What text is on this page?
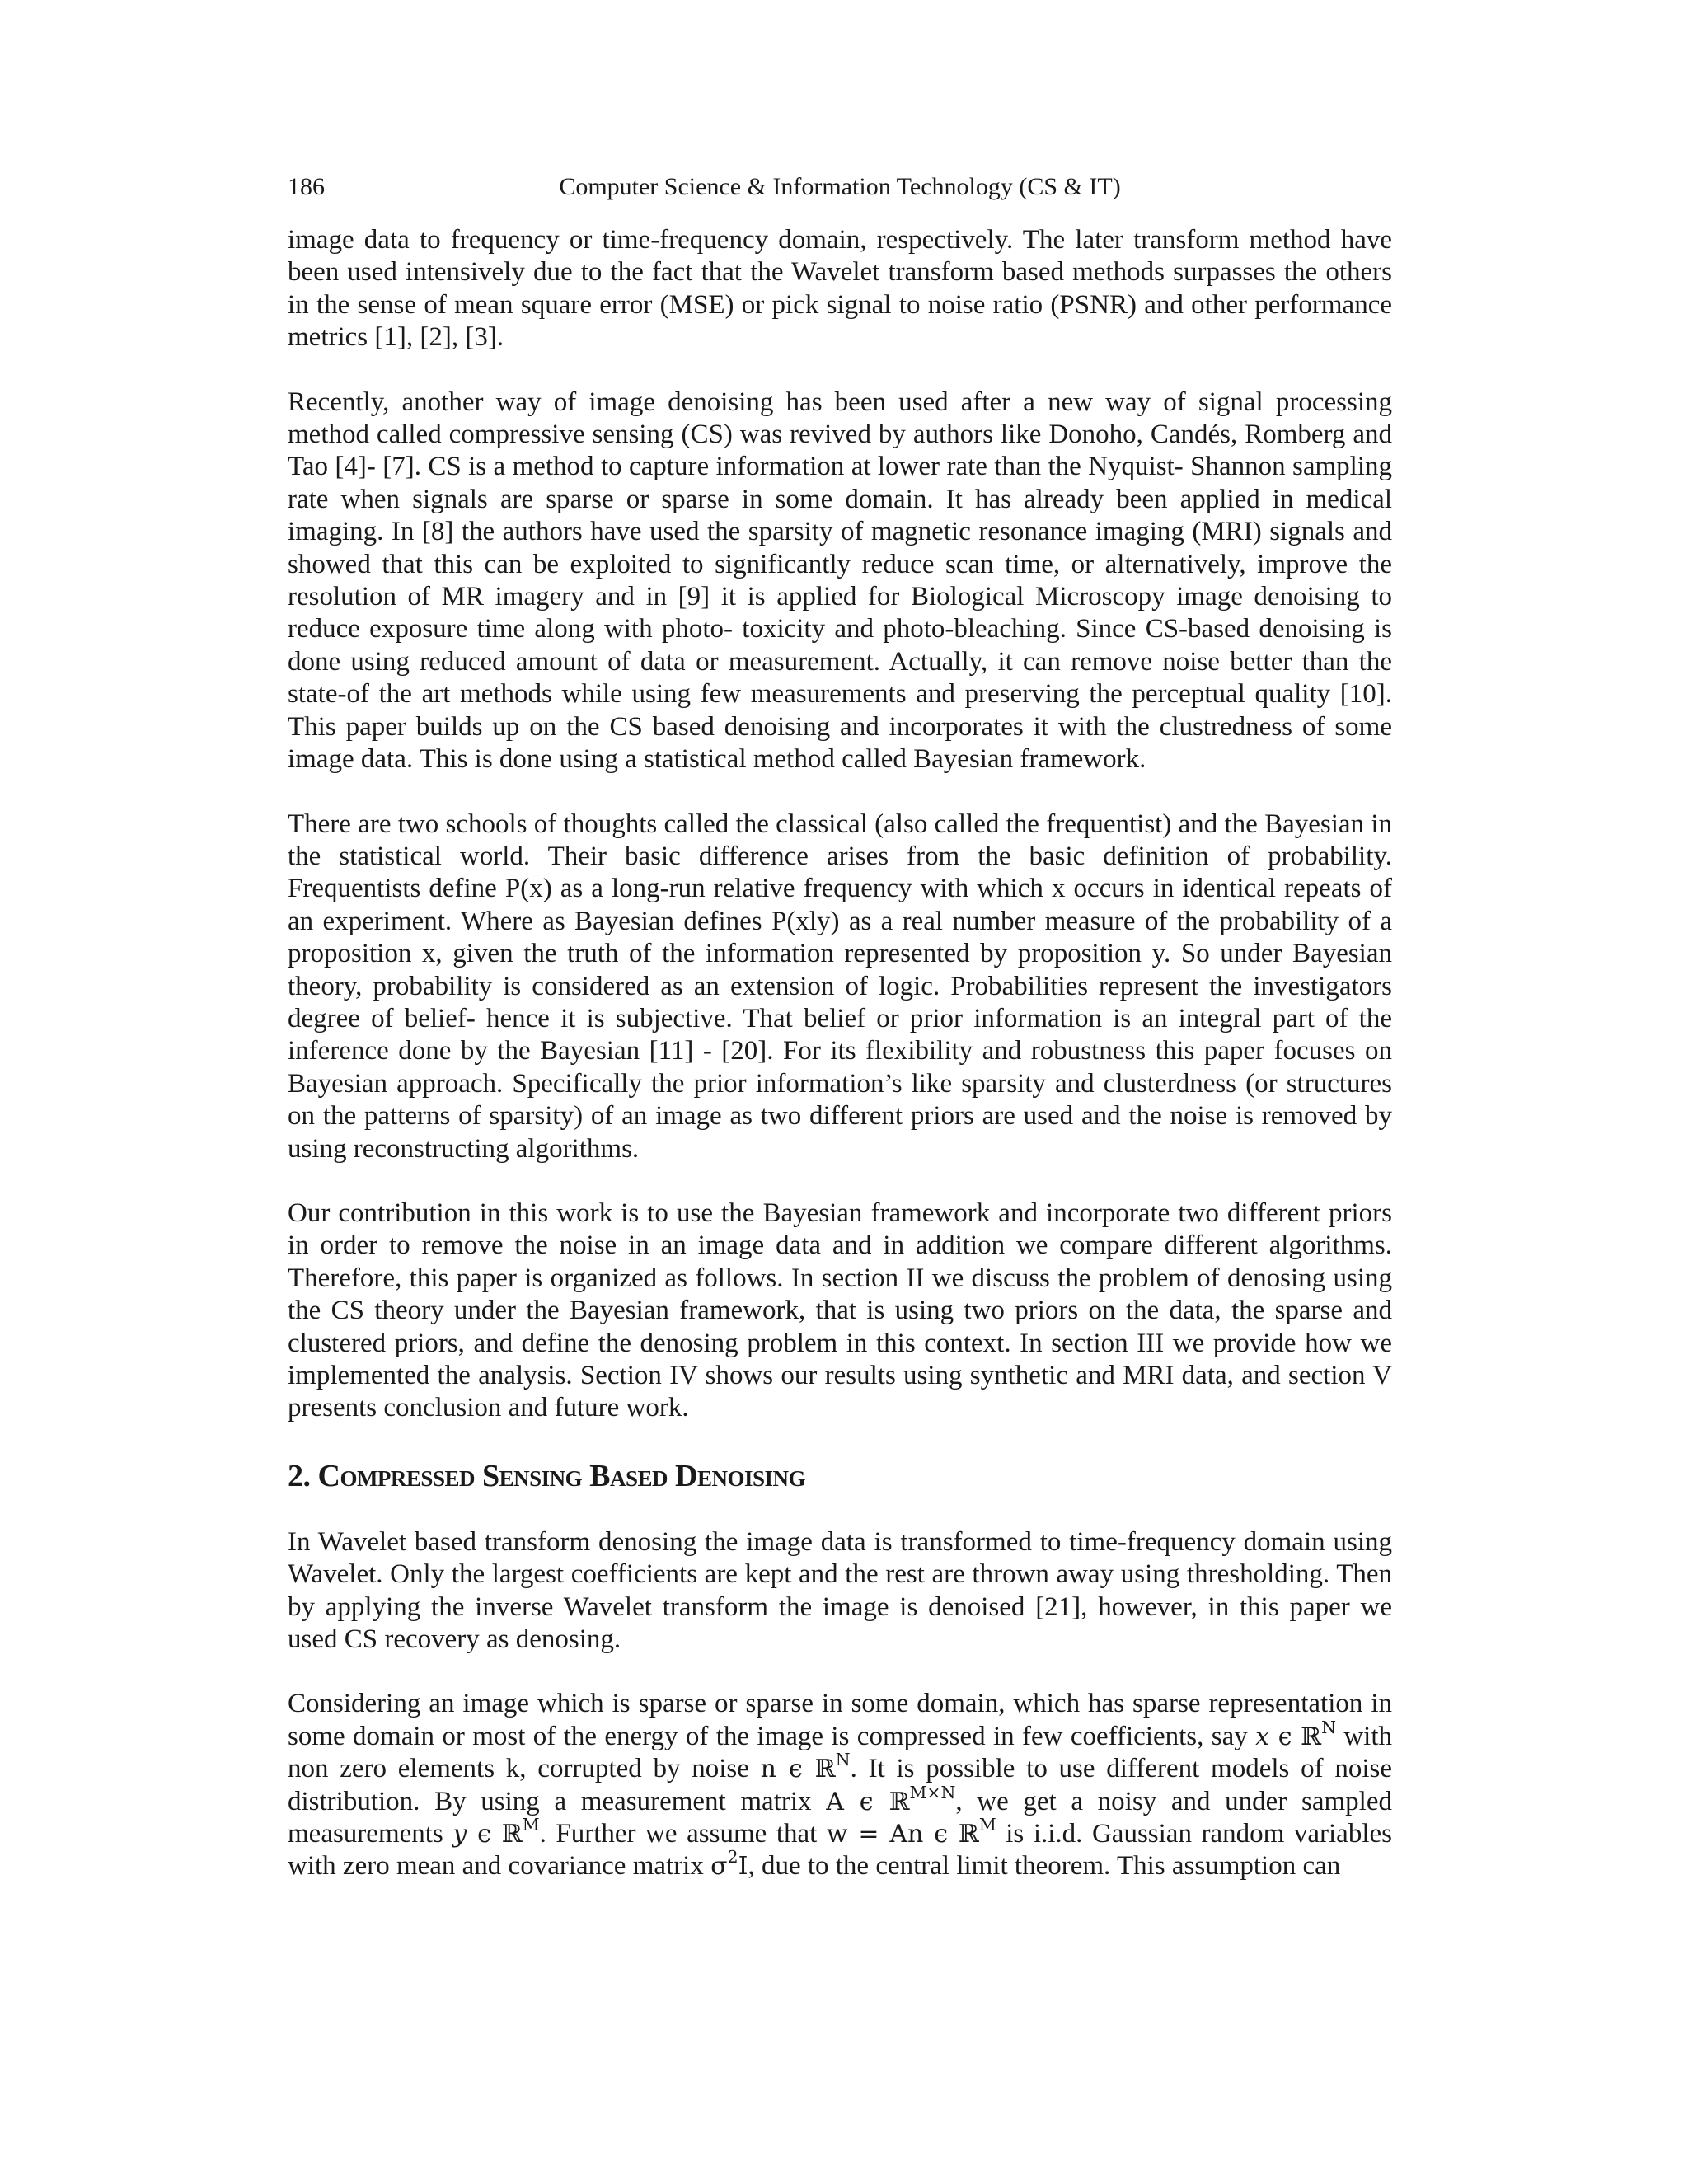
186	Computer Science & Information Technology (CS & IT)

image data to frequency or time-frequency domain, respectively. The later transform method have been used intensively due to the fact that the Wavelet transform based methods surpasses the others in the sense of mean square error (MSE) or pick signal to noise ratio (PSNR) and other performance metrics [1], [2], [3].

Recently, another way of image denoising has been used after a new way of signal processing method called compressive sensing (CS) was revived by authors like Donoho, Candés, Romberg and Tao [4]- [7]. CS is a method to capture information at lower rate than the Nyquist- Shannon sampling rate when signals are sparse or sparse in some domain. It has already been applied in medical imaging. In [8] the authors have used the sparsity of magnetic resonance imaging (MRI) signals and showed that this can be exploited to significantly reduce scan time, or alternatively, improve the resolution of MR imagery and in [9] it is applied for Biological Microscopy image denoising to reduce exposure time along with photo- toxicity and photo-bleaching. Since CS-based denoising is done using reduced amount of data or measurement. Actually, it can remove noise better than the state-of the art methods while using few measurements and preserving the perceptual quality [10]. This paper builds up on the CS based denoising and incorporates it with the clustredness of some image data. This is done using a statistical method called Bayesian framework.

There are two schools of thoughts called the classical (also called the frequentist) and the Bayesian in the statistical world. Their basic difference arises from the basic definition of probability. Frequentists define P(x) as a long-run relative frequency with which x occurs in identical repeats of an experiment. Where as Bayesian defines P(xly) as a real number measure of the probability of a proposition x, given the truth of the information represented by proposition y. So under Bayesian theory, probability is considered as an extension of logic. Probabilities represent the investigators degree of belief- hence it is subjective. That belief or prior information is an integral part of the inference done by the Bayesian [11] - [20]. For its flexibility and robustness this paper focuses on Bayesian approach. Specifically the prior information’s like sparsity and clusterdness (or structures on the patterns of sparsity) of an image as two different priors are used and the noise is removed by using reconstructing algorithms.

Our contribution in this work is to use the Bayesian framework and incorporate two different priors in order to remove the noise in an image data and in addition we compare different algorithms. Therefore, this paper is organized as follows. In section II we discuss the problem of denosing using the CS theory under the Bayesian framework, that is using two priors on the data, the sparse and clustered priors, and define the denosing problem in this context. In section III we provide how we implemented the analysis. Section IV shows our results using synthetic and MRI data, and section V presents conclusion and future work.

2. Compressed Sensing Based Denoising

In Wavelet based transform denosing the image data is transformed to time-frequency domain using Wavelet. Only the largest coefficients are kept and the rest are thrown away using thresholding. Then by applying the inverse Wavelet transform the image is denoised [21], however, in this paper we used CS recovery as denosing.

Considering an image which is sparse or sparse in some domain, which has sparse representation in some domain or most of the energy of the image is compressed in few coefficients, say 𝑥 ϵ ℝ$^N$ with non zero elements k, corrupted by noise n ϵ ℝ$^N$. It is possible to use different models of noise distribution. By using a measurement matrix A ϵ ℝ$^{M\times N}$, we get a noisy and under sampled measurements 𝑦 ϵ ℝ$^M$. Further we assume that w = An ϵ ℝ$^M$ is i.i.d. Gaussian random variables with zero mean and covariance matrix $\sigma^2I$, due to the central limit theorem. This assumption can
